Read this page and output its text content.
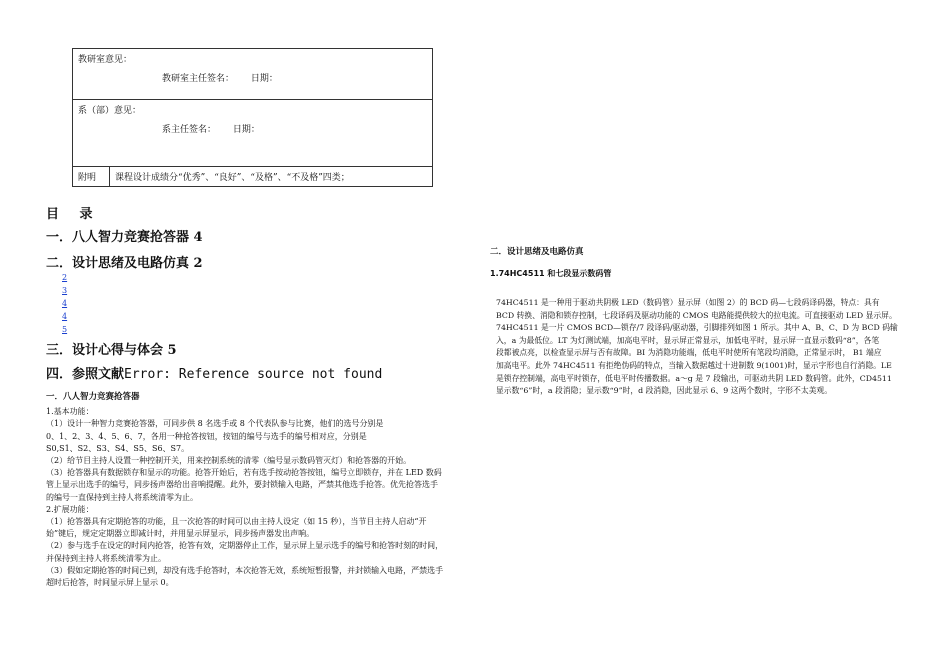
教研室意见：
教研室主任签名： 日期：

系（部）意见：
系主任签名： 日期：

附明	课程设计成绩分“优秀”、“良好”、“及格”、“不及格”四类；
目 录
一．八人智力竞赛抢答器 4
二．设计思绪及电路仿真 2
2
3
4
4
5
三．设计心得与体会 5
四．参照文献Error: Reference source not found
一．八人智力竞赛抢答器

1.基本功能：

（1）设计一种智力竞赛抢答器，可同步供 8 名选手或 8 个代表队参与比赛，他们的选号分别是

0、1、2、3、4、5、6、7，各用一种抢答按钮，按钮的编号与选手的编号相对应，分别是

S0,S1、S2、S3、S4、S5、S6、S7。

（2）给节目主持人设置一种控制开关，用来控制系统的清零（编号显示数码管灭灯）和抢答器的开始。

（3）抢答器具有数据锁存和显示的功能。抢答开始后，若有选手按动抢答按钮，编号立即锁存，并在 LED 数码

管上显示出选手的编号，同步扬声器给出音响提醒。此外，要封锁输入电路，严禁其他选手抢答。优先抢答选手

的编号一直保持到主持人将系统清零为止。

2.扩展功能：

（1）抢答器具有定期抢答的功能，且一次抢答的时间可以由主持人设定（如 15 秒），当节目主持人启动“开

始”键后，规定定期器立即减计时，并用显示屏显示，同步扬声器发出声响。

（2）参与选手在设定的时间内抢答，抢答有效，定期器停止工作，显示屏上显示选手的编号和抢答时刻的时间，

并保持到主持人将系统清零为止。

（3）假如定期抢答的时间已到，却没有选手抢答时，本次抢答无效，系统短暂报警，并封锁输入电路，严禁选手

超时后抢答，时间显示屏上显示 0。

二．设计思绪及电路仿真
1.74HC4511 和七段显示数码管

74HC4511 是一种用于驱动共阴极 LED（数码管）显示屏（如图 2）的 BCD 码—七段码译码器，特点：具有

BCD 转换、消隐和锁存控制，七段译码及驱动功能的 CMOS 电路能提供较大的拉电流。可直接驱动 LED 显示屏。

74HC4511 是一片 CMOS BCD—锁存/7 段译码/驱动器，引脚排列如图 1 所示。其中 A、B、C、D 为 BCD 码输

入，a 为最低位。LT 为灯测试端，加高电平时，显示屏正常显示，加低电平时，显示屏一直显示数码“8”，各笔

段都被点亮，以检查显示屏与否有故障。BI 为消隐功能端，低电平时使所有笔段均消隐，正常显示时， B1 端应

加高电平。此外 74HC4511 有拒绝伪码的特点，当输入数据越过十进制数 9(1001)时，显示字形也自行消隐。LE

是锁存控制端，高电平时锁存，低电平时传播数据。a～g 是 7 段输出，可驱动共阴 LED 数码管。此外，CD4511

显示数“6”时，a 段消隐；显示数“9”时，d 段消隐，因此显示 6、9 这两个数时，字形不太美观。
